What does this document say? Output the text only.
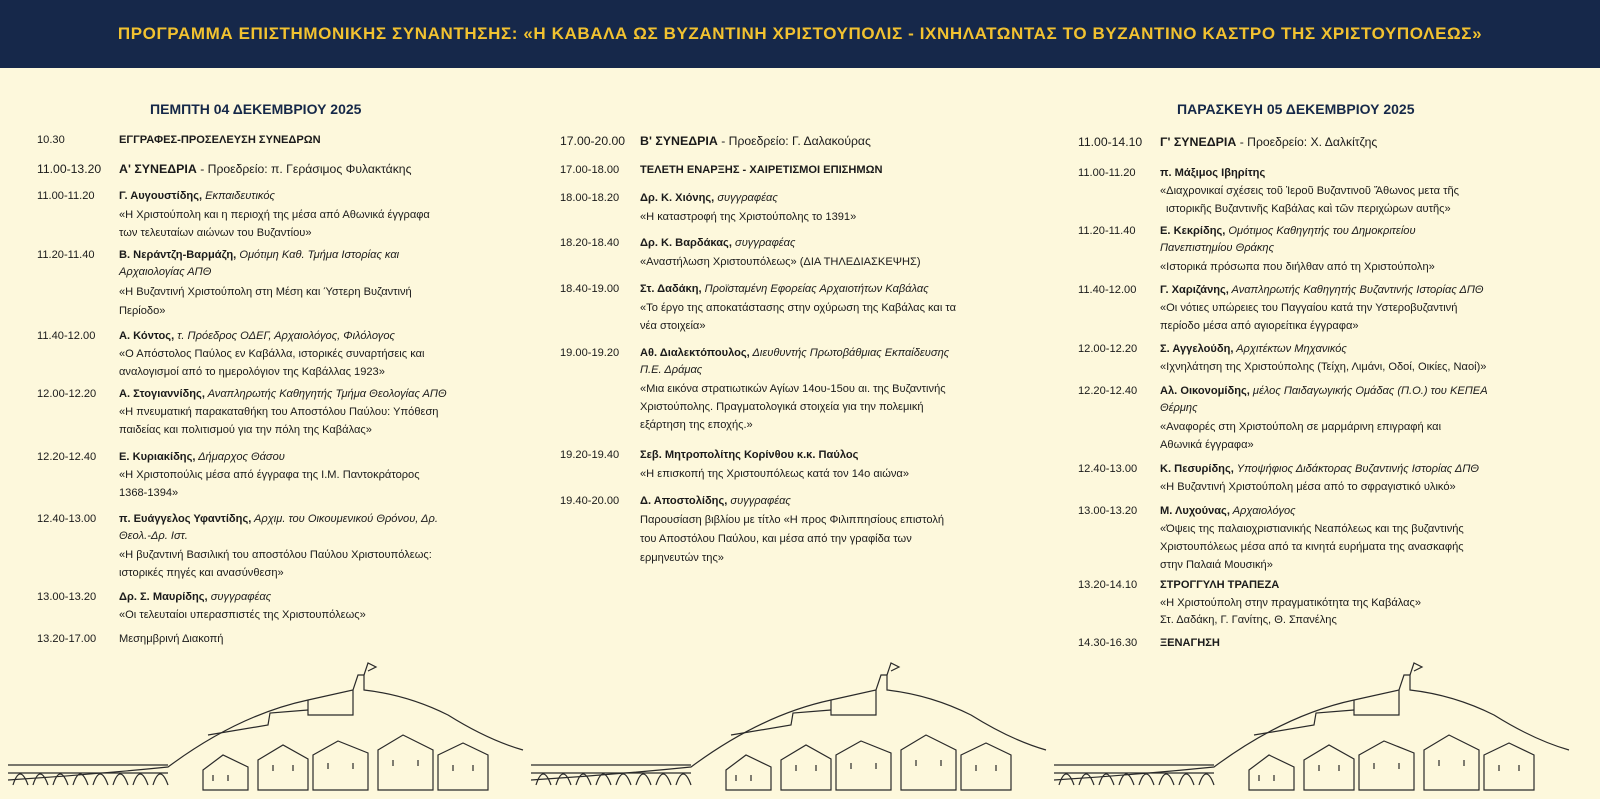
ΠΡΟΓΡΑΜΜΑ ΕΠΙΣΤΗΜΟΝΙΚΗΣ ΣΥΝΑΝΤΗΣΗΣ: «Η ΚΑΒΑΛΑ ΩΣ ΒΥΖΑΝΤΙΝΗ ΧΡΙΣΤΟΥΠΟΛΙΣ - ΙΧΝΗΛΑΤΩΝΤΑΣ ΤΟ ΒΥΖΑΝΤΙΝΟ ΚΑΣΤΡΟ ΤΗΣ ΧΡΙΣΤΟΥΠΟΛΕΩΣ»
ΠΕΜΠΤΗ 04 ΔΕΚΕΜΒΡΙΟΥ 2025
10.30	ΕΓΓΡΑΦΕΣ-ΠΡΟΣΕΛΕΥΣΗ ΣΥΝΕΔΡΩΝ
11.00-13.20 Α' ΣΥΝΕΔΡΙΑ - Προεδρείο: π. Γεράσιμος Φυλακτάκης
11.00-11.20 Γ. Αυγουστίδης, Εκπαιδευτικός
«Η Χριστούπολη και η περιοχή της μέσα από Αθωνικά έγγραφα
των τελευταίων αιώνων του Βυζαντίου»
11.20-11.40 Β. Νεράντζη-Βαρμάζη, Ομότιμη Καθ. Τμήμα Ιστορίας και
Αρχαιολογίας ΑΠΘ
«Η Βυζαντινή Χριστούπολη στη Μέση και Ύστερη Βυζαντινή
Περίοδο»
11.40-12.00 Α. Κόντος, τ. Πρόεδρος ΟΔΕΓ, Αρχαιολόγος, Φιλόλογος
«Ο Απόστολος Παύλος εν Καβάλλα, ιστορικές συναρτήσεις και
αναλογισμοί από το ημερολόγιον της Καβάλλας 1923»
12.00-12.20 Α. Στογιαννίδης, Αναπληρωτής Καθηγητής Τμήμα Θεολογίας ΑΠΘ
«Η πνευματική παρακαταθήκη του Αποστόλου Παύλου: Υπόθεση
παιδείας και πολιτισμού για την πόλη της Καβάλας»
12.20-12.40 Ε. Κυριακίδης, Δήμαρχος Θάσου
«Η Χριστοπούλις μέσα από έγγραφα της Ι.Μ. Παντοκράτορος
1368-1394»
12.40-13.00 π. Ευάγγελος Υφαντίδης, Αρχιμ. του Οικουμενικού Θρόνου, Δρ.
Θεολ.-Δρ. Ιστ.
«Η βυζαντινή Βασιλική του αποστόλου Παύλου Χριστουπόλεως:
ιστορικές πηγές και ανασύνθεση»
13.00-13.20 Δρ. Σ. Μαυρίδης, συγγραφέας
«Οι τελευταίοι υπερασπιστές της Χριστουπόλεως»
13.20-17.00 Μεσημβρινή Διακοπή
17.00-20.00 Β' ΣΥΝΕΔΡΙΑ - Προεδρείο: Γ. Δαλακούρας
17.00-18.00 ΤΕΛΕΤΗ ΕΝΑΡΞΗΣ - ΧΑΙΡΕΤΙΣΜΟΙ ΕΠΙΣΗΜΩΝ
18.00-18.20 Δρ. Κ. Χιόνης, συγγραφέας
«Η καταστροφή της Χριστούπολης το 1391»
18.20-18.40 Δρ. Κ. Βαρδάκας, συγγραφέας
«Αναστήλωση Χριστουπόλεως» (ΔΙΑ ΤΗΛΕΔΙΑΣΚΕΨΗΣ)
18.40-19.00 Στ. Δαδάκη, Προϊσταμένη Εφορείας Αρχαιοτήτων Καβάλας
«Το έργο της αποκατάστασης στην οχύρωση της Καβάλας και τα
νέα στοιχεία»
19.00-19.20 Αθ. Διαλεκτόπουλος, Διευθυντής Πρωτοβάθμιας Εκπαίδευσης
Π.Ε. Δράμας
«Μια εικόνα στρατιωτικών Αγίων 14ου-15ου αι. της Βυζαντινής
Χριστούπολης. Πραγματολογικά στοιχεία για την πολεμική
εξάρτηση της εποχής.»
19.20-19.40 Σεβ. Μητροπολίτης Κορίνθου κ.κ. Παύλος
«Η επισκοπή της Χριστουπόλεως κατά τον 14ο αιώνα»
19.40-20.00 Δ. Αποστολίδης, συγγραφέας
Παρουσίαση βιβλίου με τίτλο «Η προς Φιλιππησίους επιστολή
του Αποστόλου Παύλου, και μέσα από την γραφίδα των
ερμηνευτών της»
ΠΑΡΑΣΚΕΥΗ 05 ΔΕΚΕΜΒΡΙΟΥ 2025
11.00-14.10 Γ' ΣΥΝΕΔΡΙΑ - Προεδρείο: Χ. Δαλκίτζης
11.00-11.20 π. Μάξιμος Ιβηρίτης
«Διαχρονικαί σχέσεις τοῦ Ἱεροῦ Βυζαντινοῦ Ἄθωνος μετα τῆς
ιστορικῆς Βυζαντινῆς Καβάλας καὶ τῶν περιχώρων αυτῆς»
11.20-11.40 Ε. Κεκρίδης, Ομότιμος Καθηγητής του Δημοκριτείου
Πανεπιστημίου Θράκης
«Ιστορικά πρόσωπα που διήλθαν από τη Χριστούπολη»
11.40-12.00 Γ. Χαριζάνης, Αναπληρωτής Καθηγητής Βυζαντινής Ιστορίας ΔΠΘ
«Οι νότιες υπώρειες του Παγγαίου κατά την Υστεροβυζαντινή
περίοδο μέσα από αγιορείτικα έγγραφα»
12.00-12.20 Σ. Αγγελούδη, Αρχιτέκτων Μηχανικός
«Ιχνηλάτηση της Χριστούπολης (Τείχη, Λιμάνι, Οδοί, Οικίες, Ναοί)»
12.20-12.40 Αλ. Οικονομίδης, μέλος Παιδαγωγικής Ομάδας (Π.Ο.) του ΚΕΠΕΑ
Θέρμης
«Αναφορές στη Χριστούπολη σε μαρμάρινη επιγραφή και
Αθωνικά έγγραφα»
12.40-13.00 Κ. Πεσυρίδης, Υποψήφιος Διδάκτορας Βυζαντινής Ιστορίας ΔΠΘ
«Η Βυζαντινή Χριστούπολη μέσα από το σφραγιστικό υλικό»
13.00-13.20 Μ. Λυχούνας, Αρχαιολόγος
«Όψεις της παλαιοχριστιανικής Νεαπόλεως και της βυζαντινής
Χριστουπόλεως μέσα από τα κινητά ευρήματα της ανασκαφής
στην Παλαιά Μουσική»
13.20-14.10 ΣΤΡΟΓΓΥΛΗ ΤΡΑΠΕΖΑ
«Η Χριστούπολη στην πραγματικότητα της Καβάλας»
Στ. Δαδάκη, Γ. Γανίτης, Θ. Σπανέλης
14.30-16.30 ΞΕΝΑΓΗΣΗ
